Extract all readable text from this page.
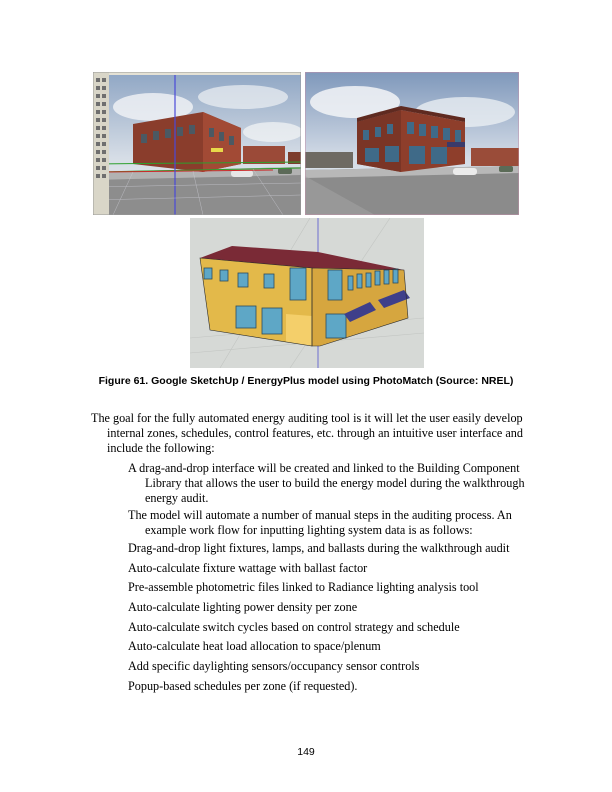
Figure 61. Google SketchUp / EnergyPlus model using PhotoMatch (Source: NREL)

The goal for the fully automated energy auditing tool is it will let the user easily develop internal zones, schedules, control features, etc. through an intuitive user interface and include the following:

A drag-and-drop interface will be created and linked to the Building Component Library that allows the user to build the energy model during the walkthrough energy audit.

The model will automate a number of manual steps in the auditing process. An example work flow for inputting lighting system data is as follows:

Drag-and-drop light fixtures, lamps, and ballasts during the walkthrough audit

Auto-calculate fixture wattage with ballast factor

Pre-assemble photometric files linked to Radiance lighting analysis tool

Auto-calculate lighting power density per zone

Auto-calculate switch cycles based on control strategy and schedule

Auto-calculate heat load allocation to space/plenum

Add specific daylighting sensors/occupancy sensor controls

Popup-based schedules per zone (if requested).

149
